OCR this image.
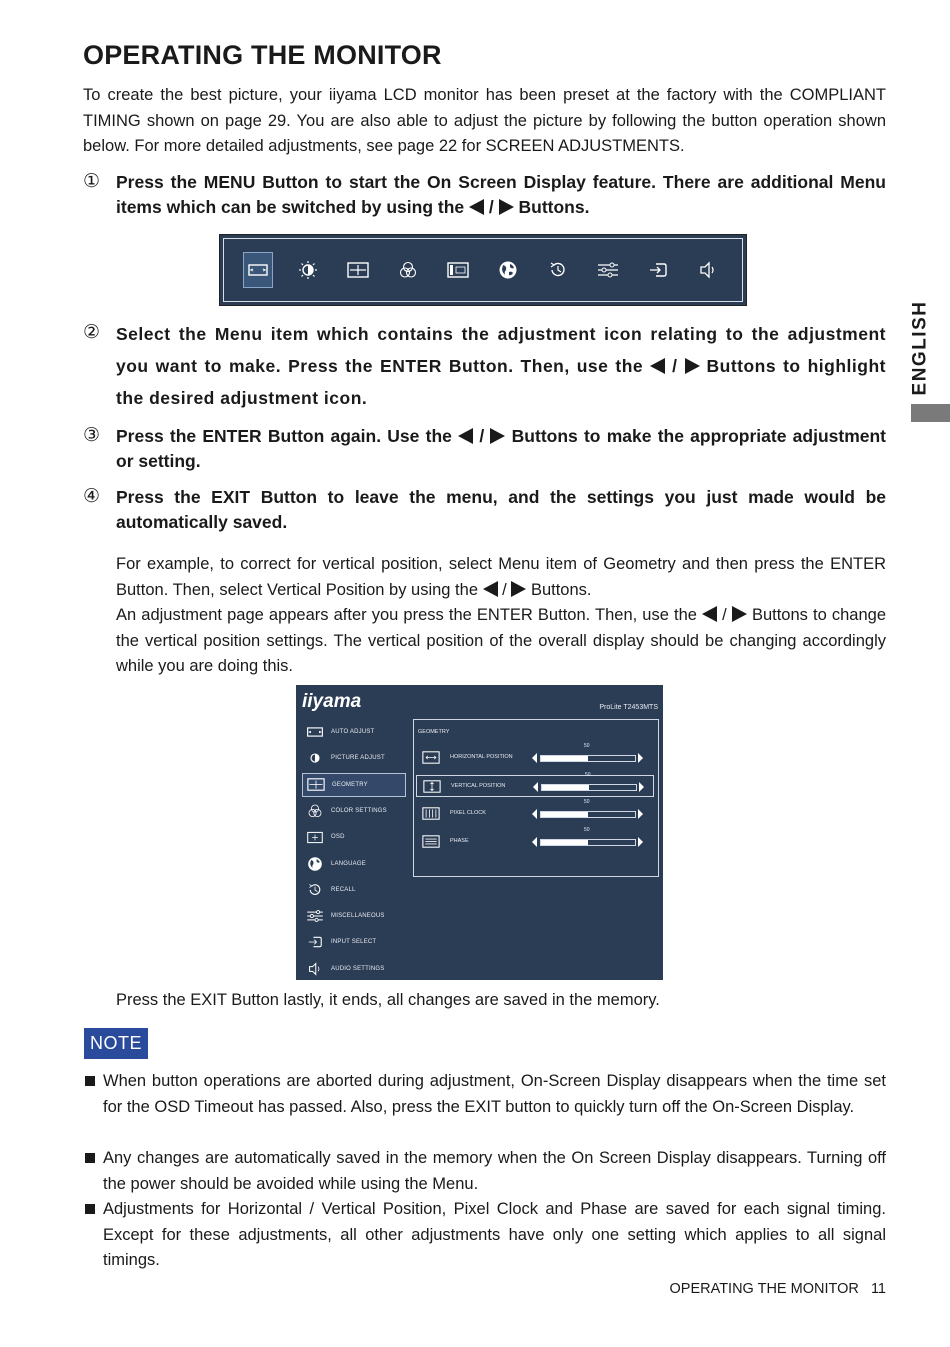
OPERATING THE MONITOR

To create the best picture, your iiyama LCD monitor has been preset at the factory with the COMPLIANT TIMING shown on page 29. You are also able to adjust the picture by following the button operation shown below. For more detailed adjustments, see page 22 for SCREEN ADJUSTMENTS.

① Press the MENU Button to start the On Screen Display feature. There are additional Menu items which can be switched by using the  /  Buttons.
② Select the Menu item which contains the adjustment icon relating to the adjustment you want to make. Press the ENTER Button. Then, use the  /  Buttons to highlight the desired adjustment icon.
③ Press the ENTER Button again. Use the  /  Buttons to make the appropriate adjustment or setting.
④ Press the EXIT Button to leave the menu, and the settings you just made would be automatically saved.

For example, to correct for vertical position, select Menu item of Geometry and then press the ENTER Button. Then, select Vertical Position by using the  /  Buttons.

An adjustment page appears after you press the ENTER Button. Then, use the  /  Buttons to change the vertical position settings. The vertical position of the overall display should be changing accordingly while you are doing this.

iiyama	ProLite T2453MTS
AUTO ADJUST
PICTURE ADJUST
GEOMETRY
COLOR SETTINGS
OSD
LANGUAGE
RECALL
MISCELLANEOUS
INPUT SELECT
AUDIO SETTINGS
GEOMETRY
HORIZONTAL POSITION
50
VERTICAL POSITION
50
PIXEL CLOCK
50
PHASE
50

Press the EXIT Button lastly, it ends, all changes are saved in the memory.

NOTE
When button operations are aborted during adjustment, On-Screen Display disappears when the time set for the OSD Timeout has passed. Also, press the EXIT button to quickly turn off the On-Screen Display.
Any changes are automatically saved in the memory when the On Screen Display disappears. Turning off the power should be avoided while using the Menu.
Adjustments for Horizontal / Vertical Position, Pixel Clock and Phase are saved for each signal timing. Except for these adjustments, all other adjustments have only one setting which applies to all signal timings.
ENGLISH
OPERATING THE MONITOR 11
